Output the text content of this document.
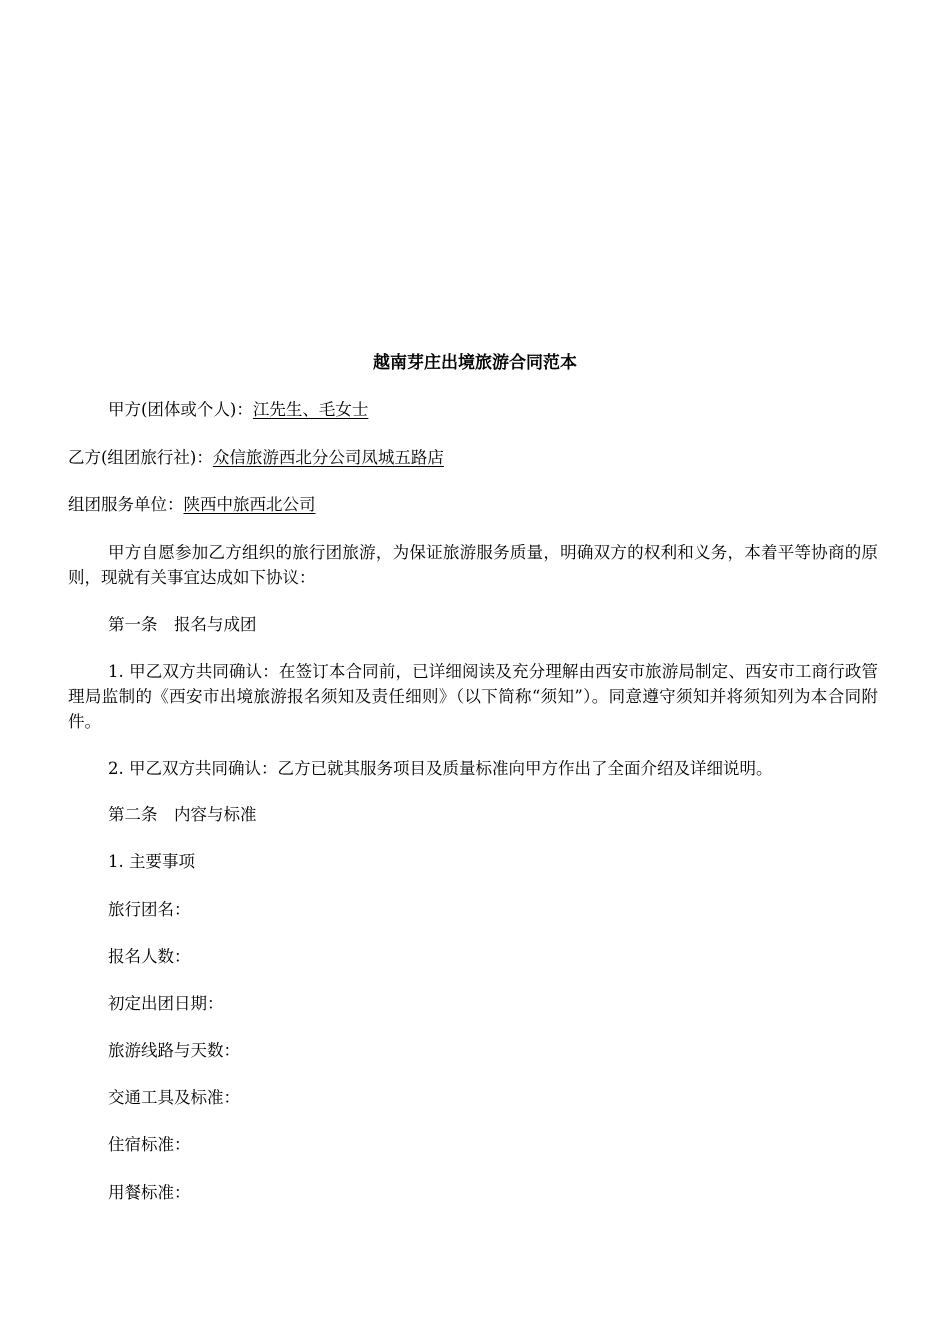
越南芽庄出境旅游合同范本

甲方(团体或个人)：江先生、毛女士

乙方(组团旅行社)：众信旅游西北分公司凤城五路店

组团服务单位：陕西中旅西北公司

甲方自愿参加乙方组织的旅行团旅游，为保证旅游服务质量，明确双方的权利和义务，本着平等协商的原则，现就有关事宜达成如下协议：

第一条　报名与成团

1. 甲乙双方共同确认：在签订本合同前，已详细阅读及充分理解由西安市旅游局制定、西安市工商行政管理局监制的《西安市出境旅游报名须知及责任细则》（以下简称“须知”）。同意遵守须知并将须知列为本合同附件。

2. 甲乙双方共同确认：乙方已就其服务项目及质量标准向甲方作出了全面介绍及详细说明。

第二条　内容与标准

1. 主要事项

旅行团名：

报名人数：

初定出团日期：

旅游线路与天数：

交通工具及标准：

住宿标准：

用餐标准：
